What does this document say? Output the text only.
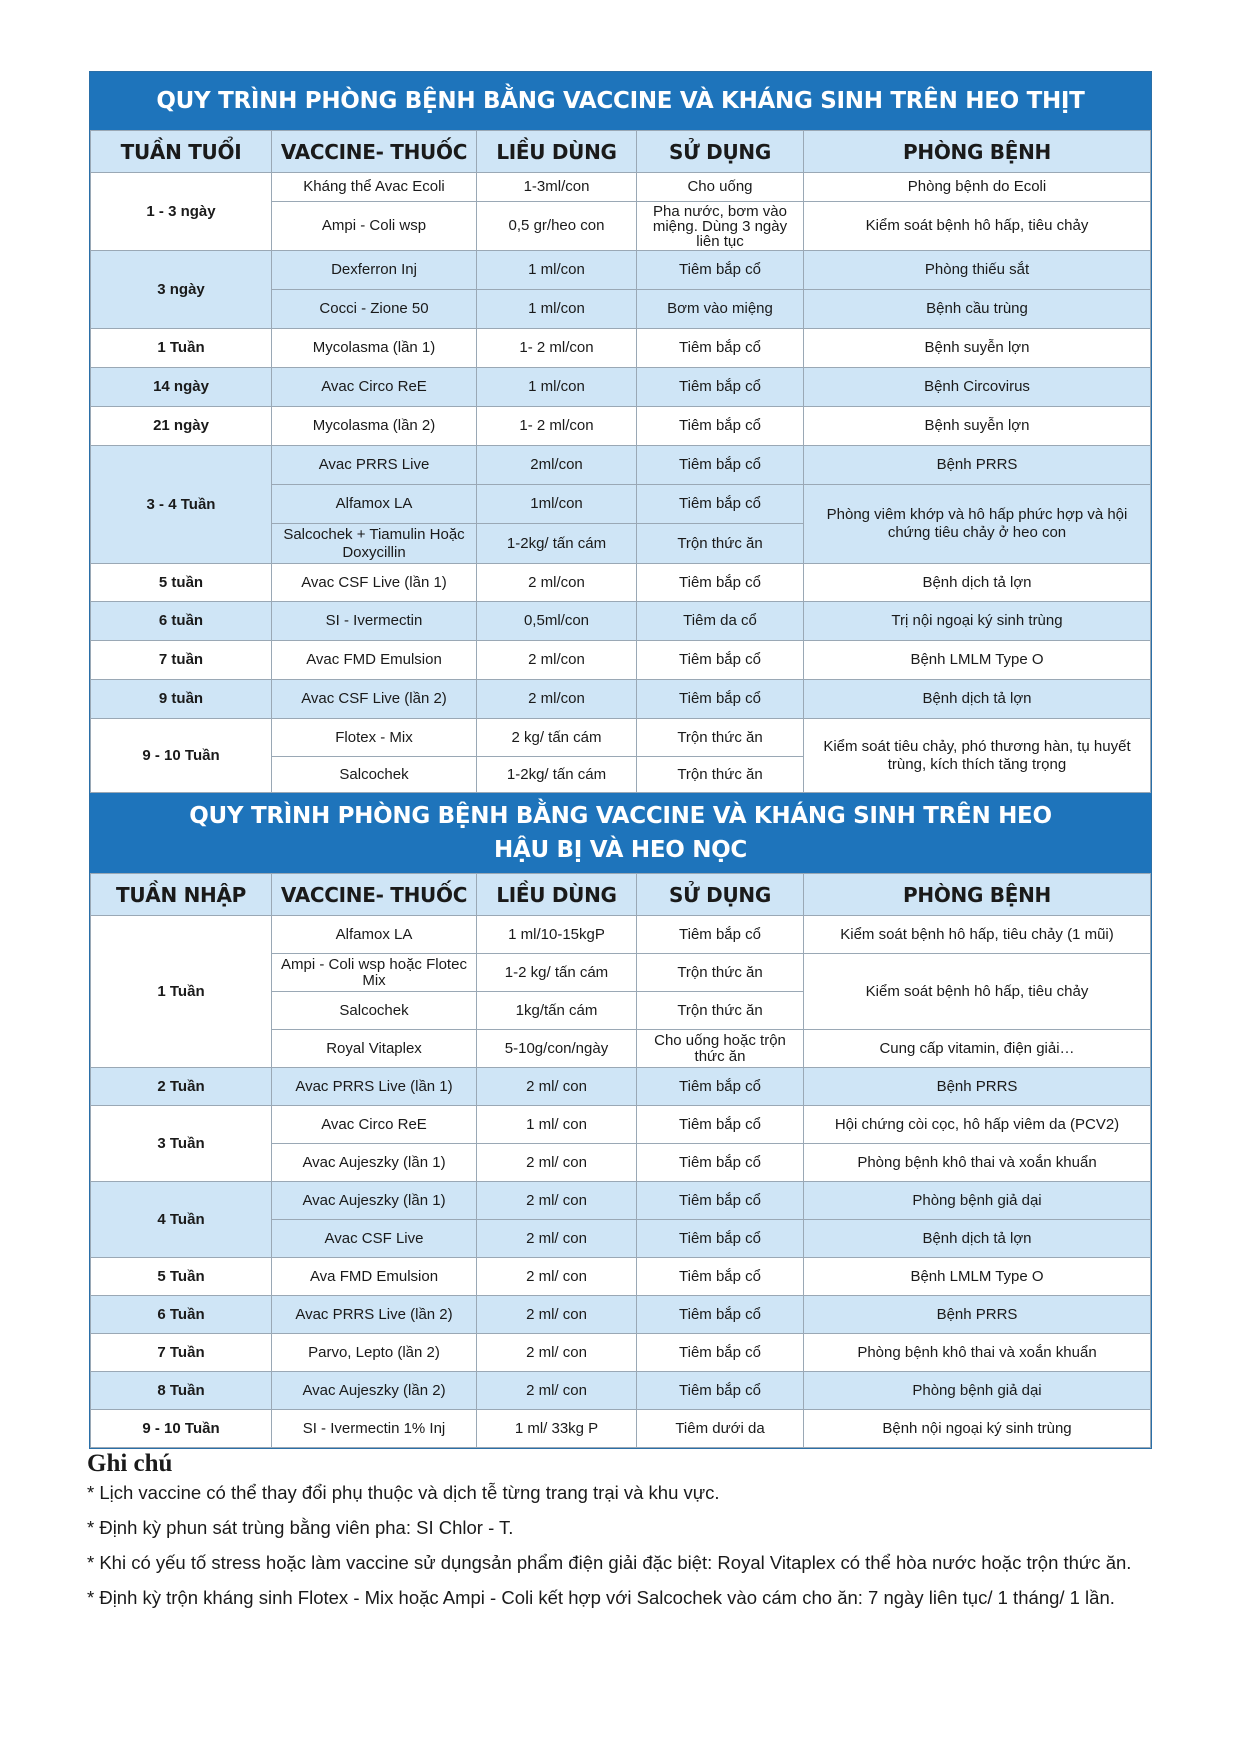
QUY TRÌNH PHÒNG BỆNH BẰNG VACCINE VÀ KHÁNG SINH TRÊN HEO THỊT
TUẦN TUỔI	VACCINE- THUỐC	LIỀU DÙNG	SỬ DỤNG	PHÒNG BỆNH
1 - 3 ngày	Kháng thể Avac Ecoli	1-3ml/con	Cho uống	Phòng bệnh do Ecoli
	Ampi - Coli wsp	0,5 gr/heo con	Pha nước, bơm vào miệng. Dùng 3 ngày liên tục	Kiểm soát bệnh hô hấp, tiêu chảy
3 ngày	Dexferron Inj	1 ml/con	Tiêm bắp cổ	Phòng thiếu sắt
	Cocci - Zione 50	1 ml/con	Bơm vào miệng	Bệnh cầu trùng
1 Tuần	Mycolasma (lần 1)	1- 2 ml/con	Tiêm bắp cổ	Bệnh suyễn lợn
14 ngày	Avac Circo ReE	1 ml/con	Tiêm bắp cổ	Bệnh Circovirus
21 ngày	Mycolasma (lần 2)	1- 2 ml/con	Tiêm bắp cổ	Bệnh suyễn lợn
3 - 4 Tuần	Avac PRRS Live	2ml/con	Tiêm bắp cổ	Bệnh PRRS
	Alfamox LA	1ml/con	Tiêm bắp cổ	Phòng viêm khớp và hô hấp phức hợp và hội chứng tiêu chảy ở heo con
	Salcochek + Tiamulin Hoặc Doxycillin	1-2kg/ tấn cám	Trộn thức ăn	
5 tuần	Avac CSF Live (lần 1)	2 ml/con	Tiêm bắp cổ	Bệnh dịch tả lợn
6 tuần	SI - Ivermectin	0,5ml/con	Tiêm da cổ	Trị nội ngoại ký sinh trùng
7 tuần	Avac FMD Emulsion	2 ml/con	Tiêm bắp cổ	Bệnh LMLM Type O
9 tuần	Avac CSF Live (lần 2)	2 ml/con	Tiêm bắp cổ	Bệnh dịch tả lợn
9 - 10 Tuần	Flotex - Mix	2 kg/ tấn cám	Trộn thức ăn	Kiểm soát tiêu chảy, phó thương hàn, tụ huyết trùng, kích thích tăng trọng
	Salcochek	1-2kg/ tấn cám	Trộn thức ăn	
QUY TRÌNH PHÒNG BỆNH BẰNG VACCINE VÀ KHÁNG SINH TRÊN HEO
HẬU BỊ VÀ HEO NỌC
TUẦN NHẬP	VACCINE- THUỐC	LIỀU DÙNG	SỬ DỤNG	PHÒNG BỆNH
1 Tuần	Alfamox LA	1 ml/10-15kgP	Tiêm bắp cổ	Kiểm soát bệnh hô hấp, tiêu chảy (1 mũi)
	Ampi - Coli wsp hoặc Flotec Mix	1-2 kg/ tấn cám	Trộn thức ăn	Kiểm soát bệnh hô hấp, tiêu chảy
	Salcochek	1kg/tấn cám	Trộn thức ăn	
	Royal Vitaplex	5-10g/con/ngày	Cho uống hoặc trộn thức ăn	Cung cấp vitamin, điện giải…
2 Tuần	Avac PRRS Live (lần 1)	2 ml/ con	Tiêm bắp cổ	Bệnh PRRS
3 Tuần	Avac Circo ReE	1 ml/ con	Tiêm bắp cổ	Hội chứng còi cọc, hô hấp viêm da (PCV2)
	Avac Aujeszky (lần 1)	2 ml/ con	Tiêm bắp cổ	Phòng bệnh khô thai và xoắn khuẩn
4 Tuần	Avac Aujeszky (lần 1)	2 ml/ con	Tiêm bắp cổ	Phòng bệnh giả dại
	Avac CSF Live	2 ml/ con	Tiêm bắp cổ	Bệnh dịch tả lợn
5 Tuần	Ava FMD Emulsion	2 ml/ con	Tiêm bắp cổ	Bệnh LMLM Type O
6 Tuần	Avac PRRS Live (lần 2)	2 ml/ con	Tiêm bắp cổ	Bệnh PRRS
7 Tuần	Parvo, Lepto (lần 2)	2 ml/ con	Tiêm bắp cổ	Phòng bệnh khô thai và xoắn khuẩn
8 Tuần	Avac Aujeszky (lần 2)	2 ml/ con	Tiêm bắp cổ	Phòng bệnh giả dại
9 - 10 Tuần	SI - Ivermectin 1% Inj	1 ml/ 33kg P	Tiêm dưới da	Bệnh nội ngoại ký sinh trùng
Ghi chú

* Lịch vaccine có thể thay đổi phụ thuộc và dịch tễ từng trang trại và khu vực.

* Định kỳ phun sát trùng bằng viên pha: SI Chlor - T.

* Khi có yếu tố stress hoặc làm vaccine sử dụngsản phẩm điện giải đặc biệt: Royal Vitaplex có thể hòa nước hoặc trộn thức ăn.

* Định kỳ trộn kháng sinh Flotex - Mix hoặc Ampi - Coli kết hợp với Salcochek vào cám cho ăn: 7 ngày liên tục/ 1 tháng/ 1 lần.
